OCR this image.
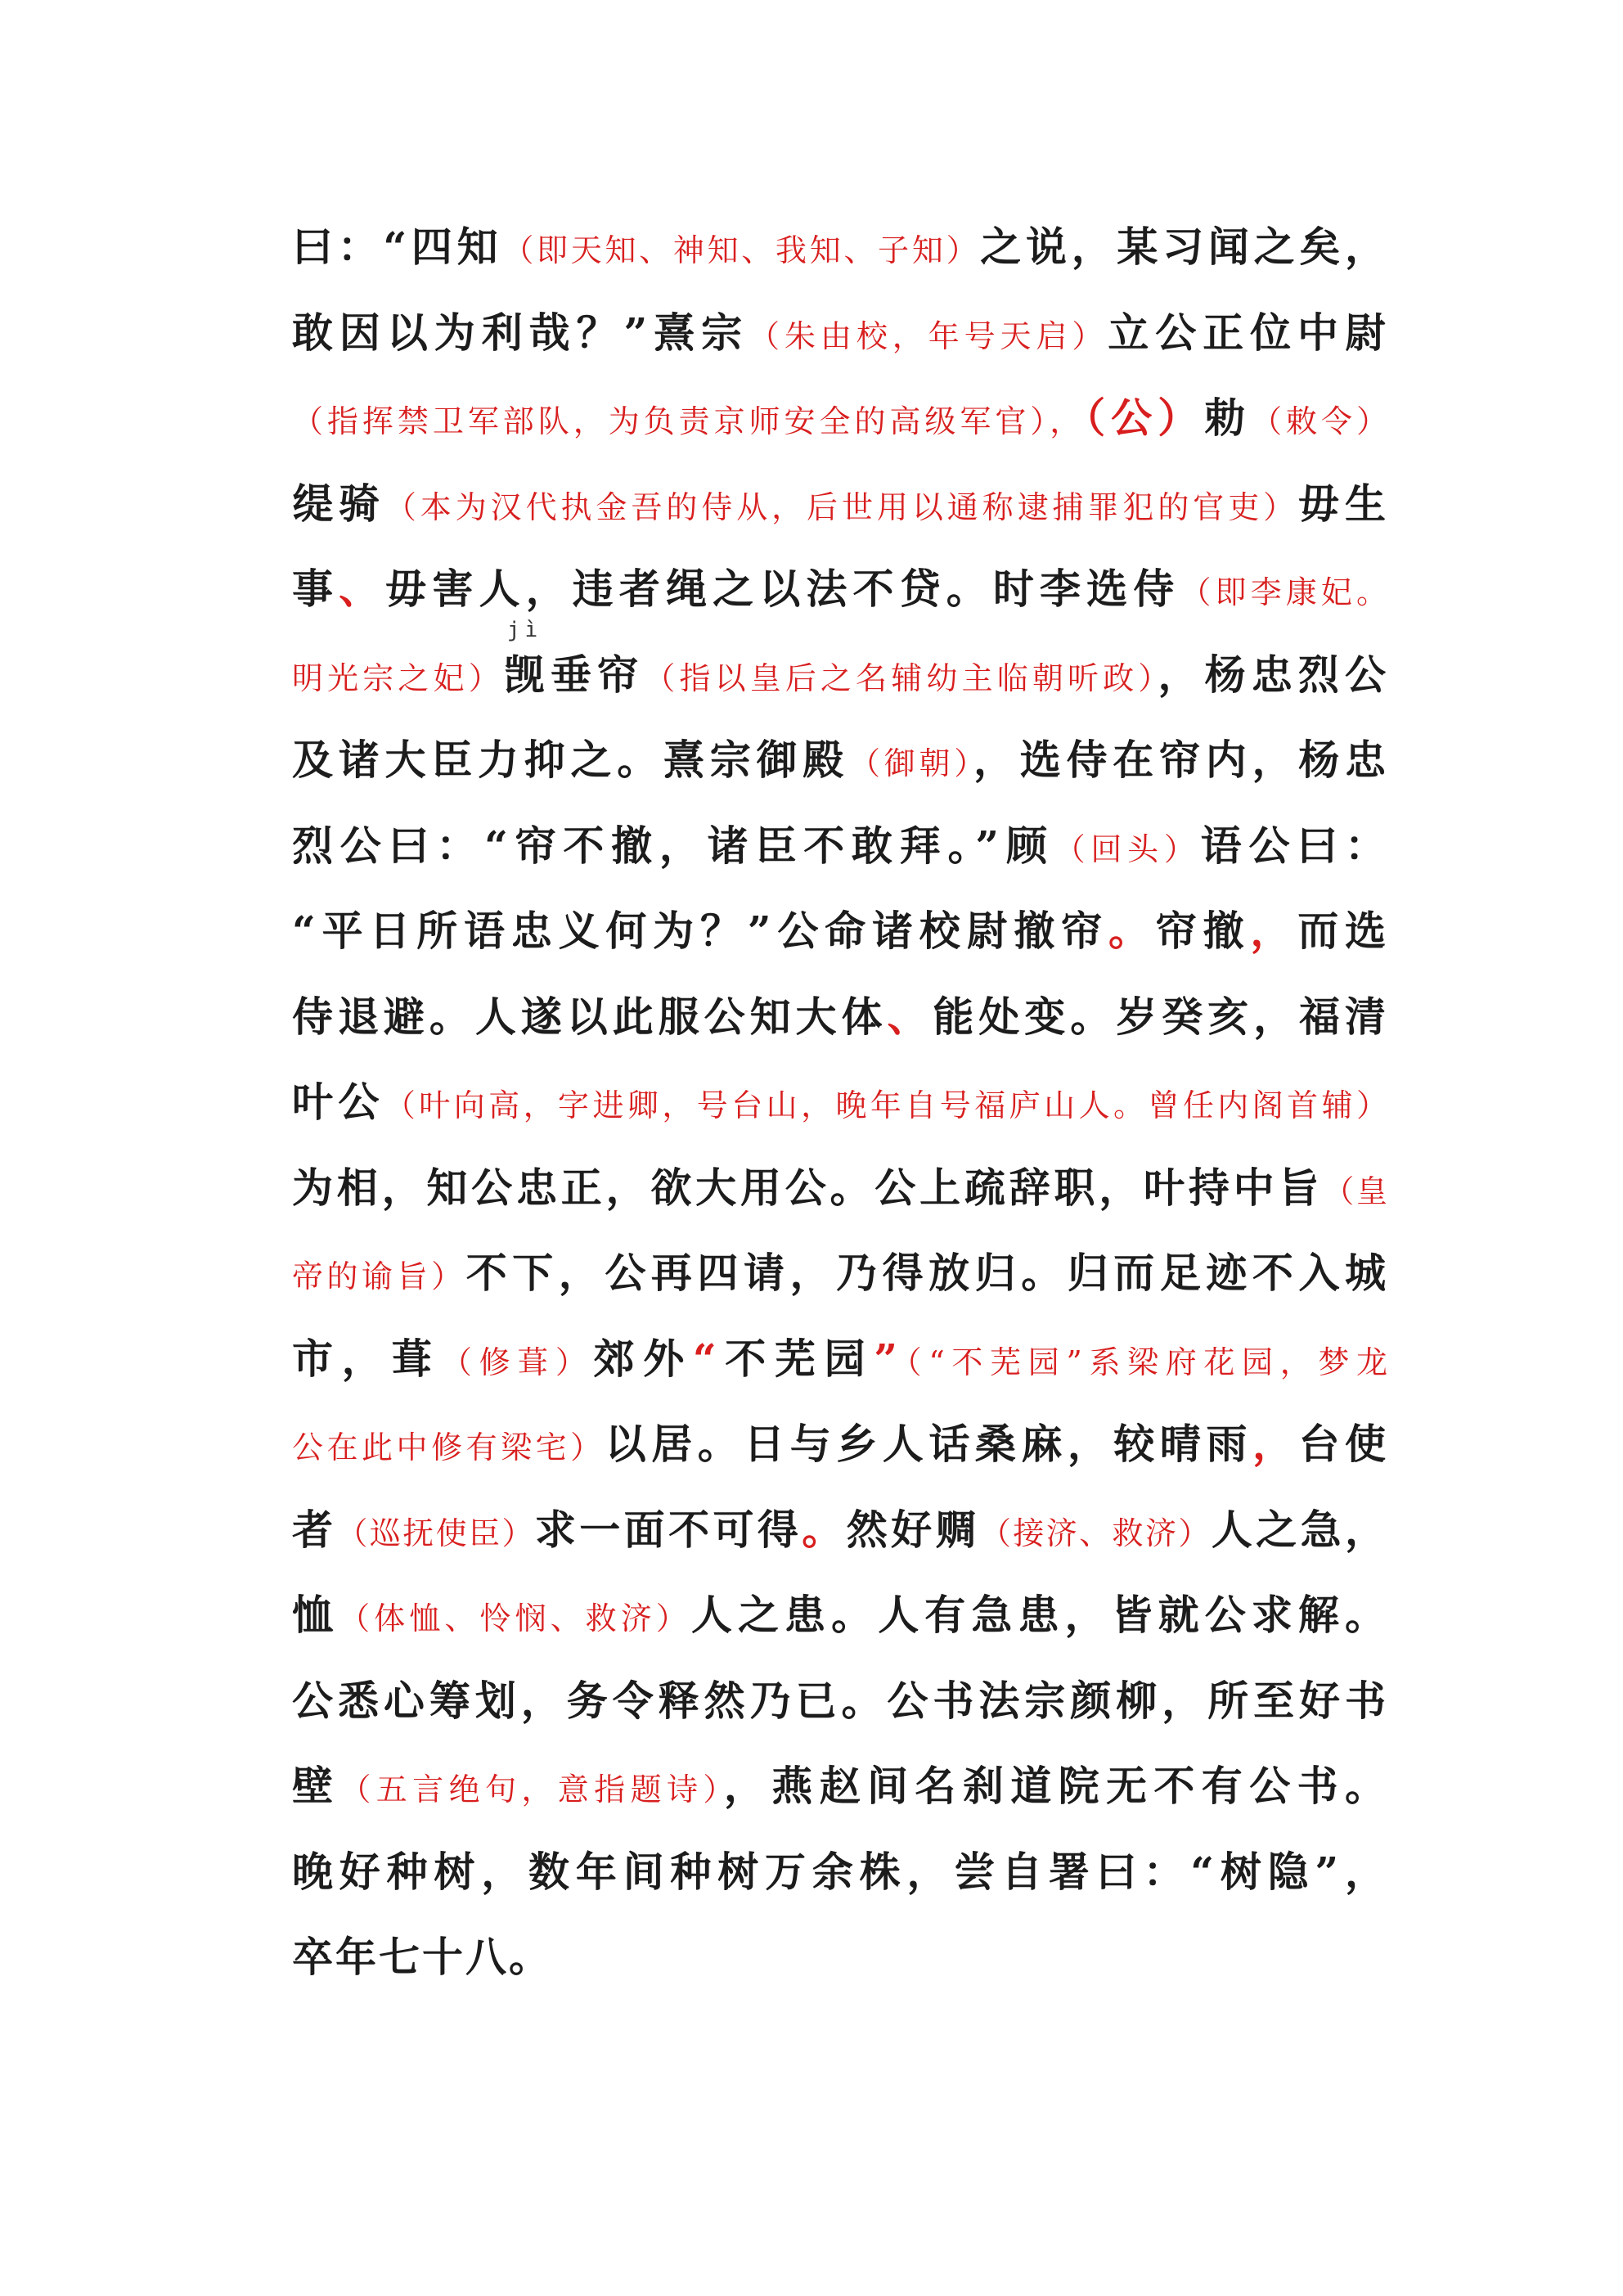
曰：“四知（即天知、神知、我知、子知）之说，某习闻之矣，
敢因以为利哉？”熹宗（朱由校，年号天启）立公正位中尉
（指挥禁卫军部队，为负责京师安全的高级军官），（公）勅（敕令）
缇骑（本为汉代执金吾的侍从，后世用以通称逮捕罪犯的官吏）毋生
事、毋害人，违者绳之以法不贷。时李选侍（即李康妃。
明光宗之妃）
jì
觊垂帘（指以皇后之名辅幼主临朝听政），杨忠烈公
及诸大臣力抑之。熹宗御殿（御朝），选侍在帘内，杨忠
烈公曰：“帘不撤，诸臣不敢拜。”顾（回头）语公曰：
“平日所语忠义何为？”公命诸校尉撤帘。帘撤，而选
侍退避。人遂以此服公知大体、能处变。岁癸亥，福清
叶公（叶向高，字进卿，号台山，晚年自号福庐山人。曾任内阁首辅）
为相，知公忠正，欲大用公。公上疏辞职，叶持中旨（皇
帝的谕旨）不下，公再四请，乃得放归。归而足迹不入城
市，葺（修葺）郊外“不芜园”（“不芜园”系梁府花园，梦龙
公在此中修有梁宅）以居。日与乡人话桑麻，较晴雨，台使
者（巡抚使臣）求一面不可得。然好赒（接济、救济）人之急，
恤（体恤、怜悯、救济）人之患。人有急患，皆就公求解。
公悉心筹划，务令释然乃已。公书法宗颜柳，所至好书
壁（五言绝句，意指题诗），燕赵间名刹道院无不有公书。
晚好种树，数年间种树万余株，尝自署曰：“树隐”，
卒年七十八。
